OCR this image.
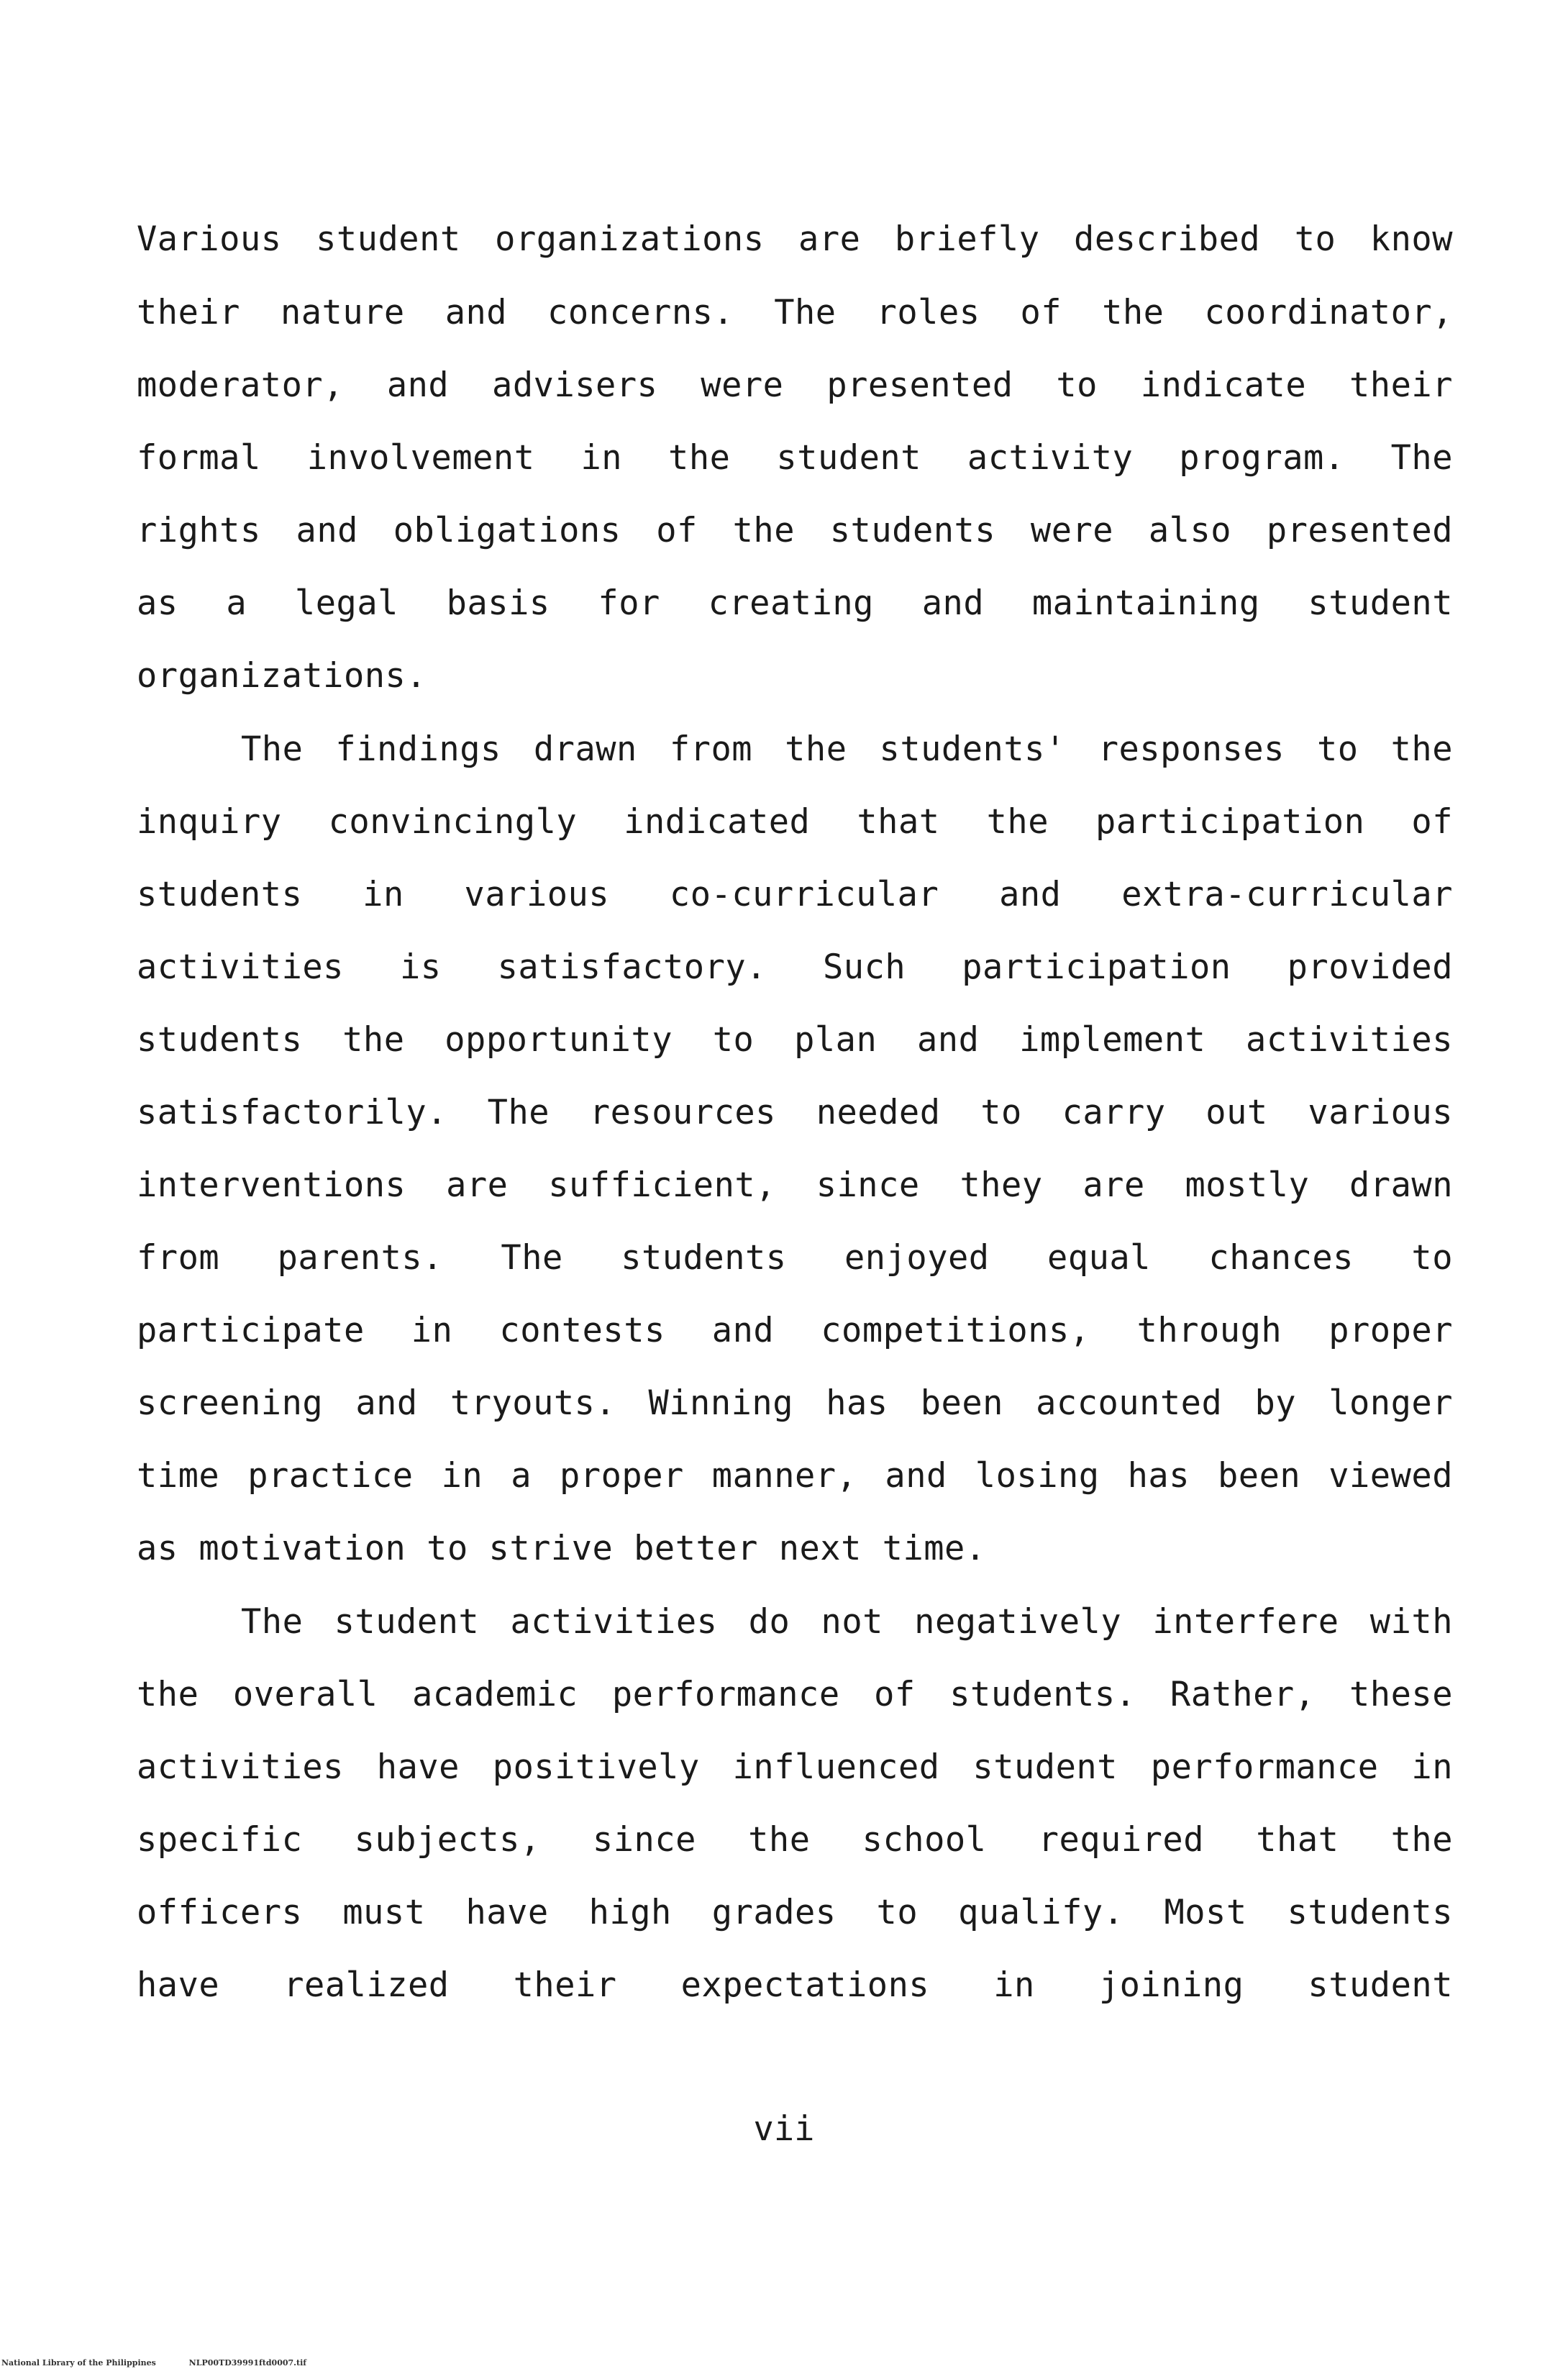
Various student organizations are briefly described to know
their nature and concerns. The roles of the coordinator,
moderator, and advisers were presented to indicate their
formal involvement in the student activity program. The
rights and obligations of the students were also presented
as a legal basis for creating and maintaining student
organizations.
The findings drawn from the students' responses to the
inquiry convincingly indicated that the participation of
students in various co-curricular and extra-curricular
activities is satisfactory. Such participation provided
students the opportunity to plan and implement activities
satisfactorily. The resources needed to carry out various
interventions are sufficient, since they are mostly drawn
from parents. The students enjoyed equal chances to
participate in contests and competitions, through proper
screening and tryouts. Winning has been accounted by longer
time practice in a proper manner, and losing has been viewed
as motivation to strive better next time.
The student activities do not negatively interfere with
the overall academic performance of students. Rather, these
activities have positively influenced student performance in
specific subjects, since the school required that the
officers must have high grades to qualify. Most students
have realized their expectations in joining student
vii
National Library of the Philippines	NLP00TD39991ftd0007.tif
